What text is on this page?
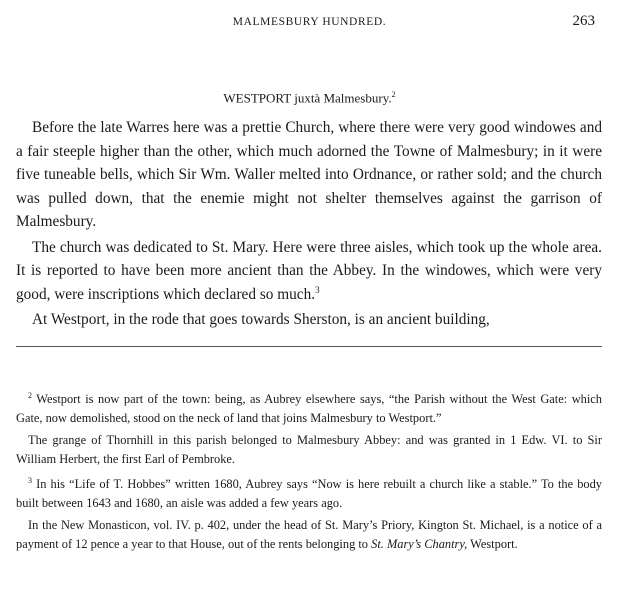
MALMESBURY HUNDRED.	263
WESTPORT juxtà Malmesbury.$^2$

Before the late Warres here was a prettie Church, where there were very good windowes and a fair steeple higher than the other, which much adorned the Towne of Malmesbury; in it were five tuneable bells, which Sir Wm. Waller melted into Ordnance, or rather sold; and the church was pulled down, that the enemie might not shelter themselves against the garrison of Malmesbury.

The church was dedicated to St. Mary. Here were three aisles, which took up the whole area. It is reported to have been more ancient than the Abbey. In the windowes, which were very good, were inscriptions which declared so much.$^3$

At Westport, in the rode that goes towards Sherston, is an ancient building,

$^2$ Westport is now part of the town: being, as Aubrey elsewhere says, “the Parish without the West Gate: which Gate, now demolished, stood on the neck of land that joins Malmesbury to Westport.”

The grange of Thornhill in this parish belonged to Malmesbury Abbey: and was granted in 1 Edw. VI. to Sir William Herbert, the first Earl of Pembroke.

$^3$ In his “Life of T. Hobbes” written 1680, Aubrey says “Now is here rebuilt a church like a stable.” To the body built between 1643 and 1680, an aisle was added a few years ago.

In the New Monasticon, vol. IV. p. 402, under the head of St. Mary’s Priory, Kington St. Michael, is a notice of a payment of 12 pence a year to that House, out of the rents belonging to St. Mary’s Chantry, Westport.
